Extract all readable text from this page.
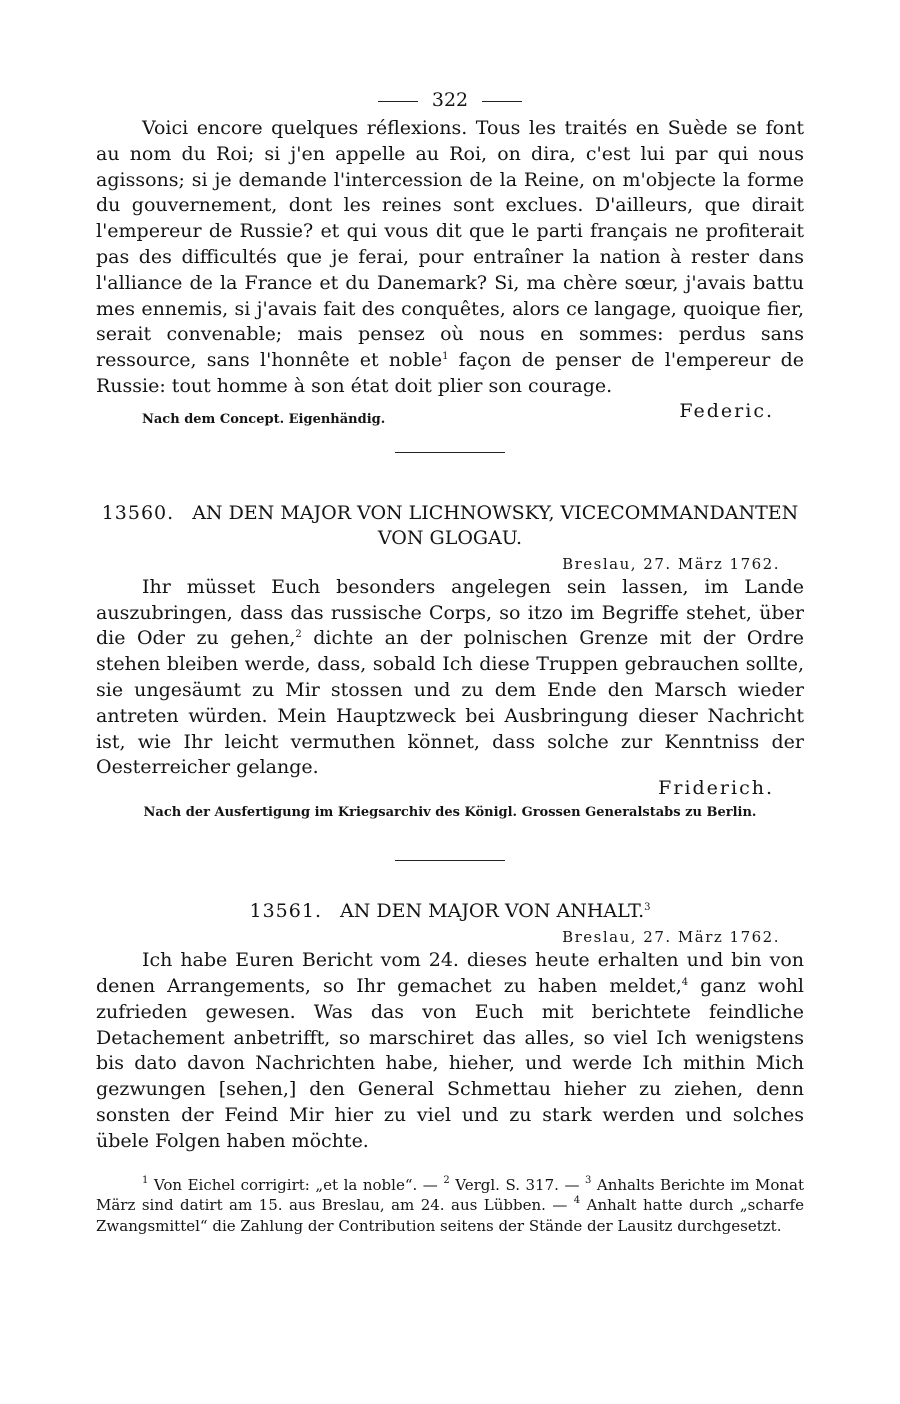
322

Voici encore quelques réflexions. Tous les traités en Suède se font au nom du Roi; si j'en appelle au Roi, on dira, c'est lui par qui nous agissons; si je demande l'intercession de la Reine, on m'objecte la forme du gouvernement, dont les reines sont exclues. D'ailleurs, que dirait l'empereur de Russie? et qui vous dit que le parti français ne profiterait pas des difficultés que je ferai, pour entraîner la nation à rester dans l'alliance de la France et du Danemark? Si, ma chère sœur, j'avais battu mes ennemis, si j'avais fait des conquêtes, alors ce langage, quoique fier, serait convenable; mais pensez où nous en sommes: perdus sans ressource, sans l'honnête et noble$^1$ façon de penser de l'empereur de Russie: tout homme à son état doit plier son courage.

Nach dem Concept. Eigenhändig.	Federic.
13560. AN DEN MAJOR VON LICHNOWSKY, VICECOMMANDANTEN VON GLOGAU.
Breslau, 27. März 1762.

Ihr müsset Euch besonders angelegen sein lassen, im Lande auszubringen, dass das russische Corps, so itzo im Begriffe stehet, über die Oder zu gehen,$^2$ dichte an der polnischen Grenze mit der Ordre stehen bleiben werde, dass, sobald Ich diese Truppen gebrauchen sollte, sie ungesäumt zu Mir stossen und zu dem Ende den Marsch wieder antreten würden. Mein Hauptzweck bei Ausbringung dieser Nachricht ist, wie Ihr leicht vermuthen könnet, dass solche zur Kenntniss der Oesterreicher gelange.

Friderich.
Nach der Ausfertigung im Kriegsarchiv des Königl. Grossen Generalstabs zu Berlin.
13561. AN DEN MAJOR VON ANHALT.$^3$
Breslau, 27. März 1762.

Ich habe Euren Bericht vom 24. dieses heute erhalten und bin von denen Arrangements, so Ihr gemachet zu haben meldet,$^4$ ganz wohl zufrieden gewesen. Was das von Euch mit berichtete feindliche Detachement anbetrifft, so marschiret das alles, so viel Ich wenigstens bis dato davon Nachrichten habe, hieher, und werde Ich mithin Mich gezwungen [sehen,] den General Schmettau hieher zu ziehen, denn sonsten der Feind Mir hier zu viel und zu stark werden und solches übele Folgen haben möchte.

$^1$ Von Eichel corrigirt: „et la noble“. — $^2$ Vergl. S. 317. — $^3$ Anhalts Berichte im Monat März sind datirt am 15. aus Breslau, am 24. aus Lübben. — $^4$ Anhalt hatte durch „scharfe Zwangsmittel“ die Zahlung der Contribution seitens der Stände der Lausitz durchgesetzt.
